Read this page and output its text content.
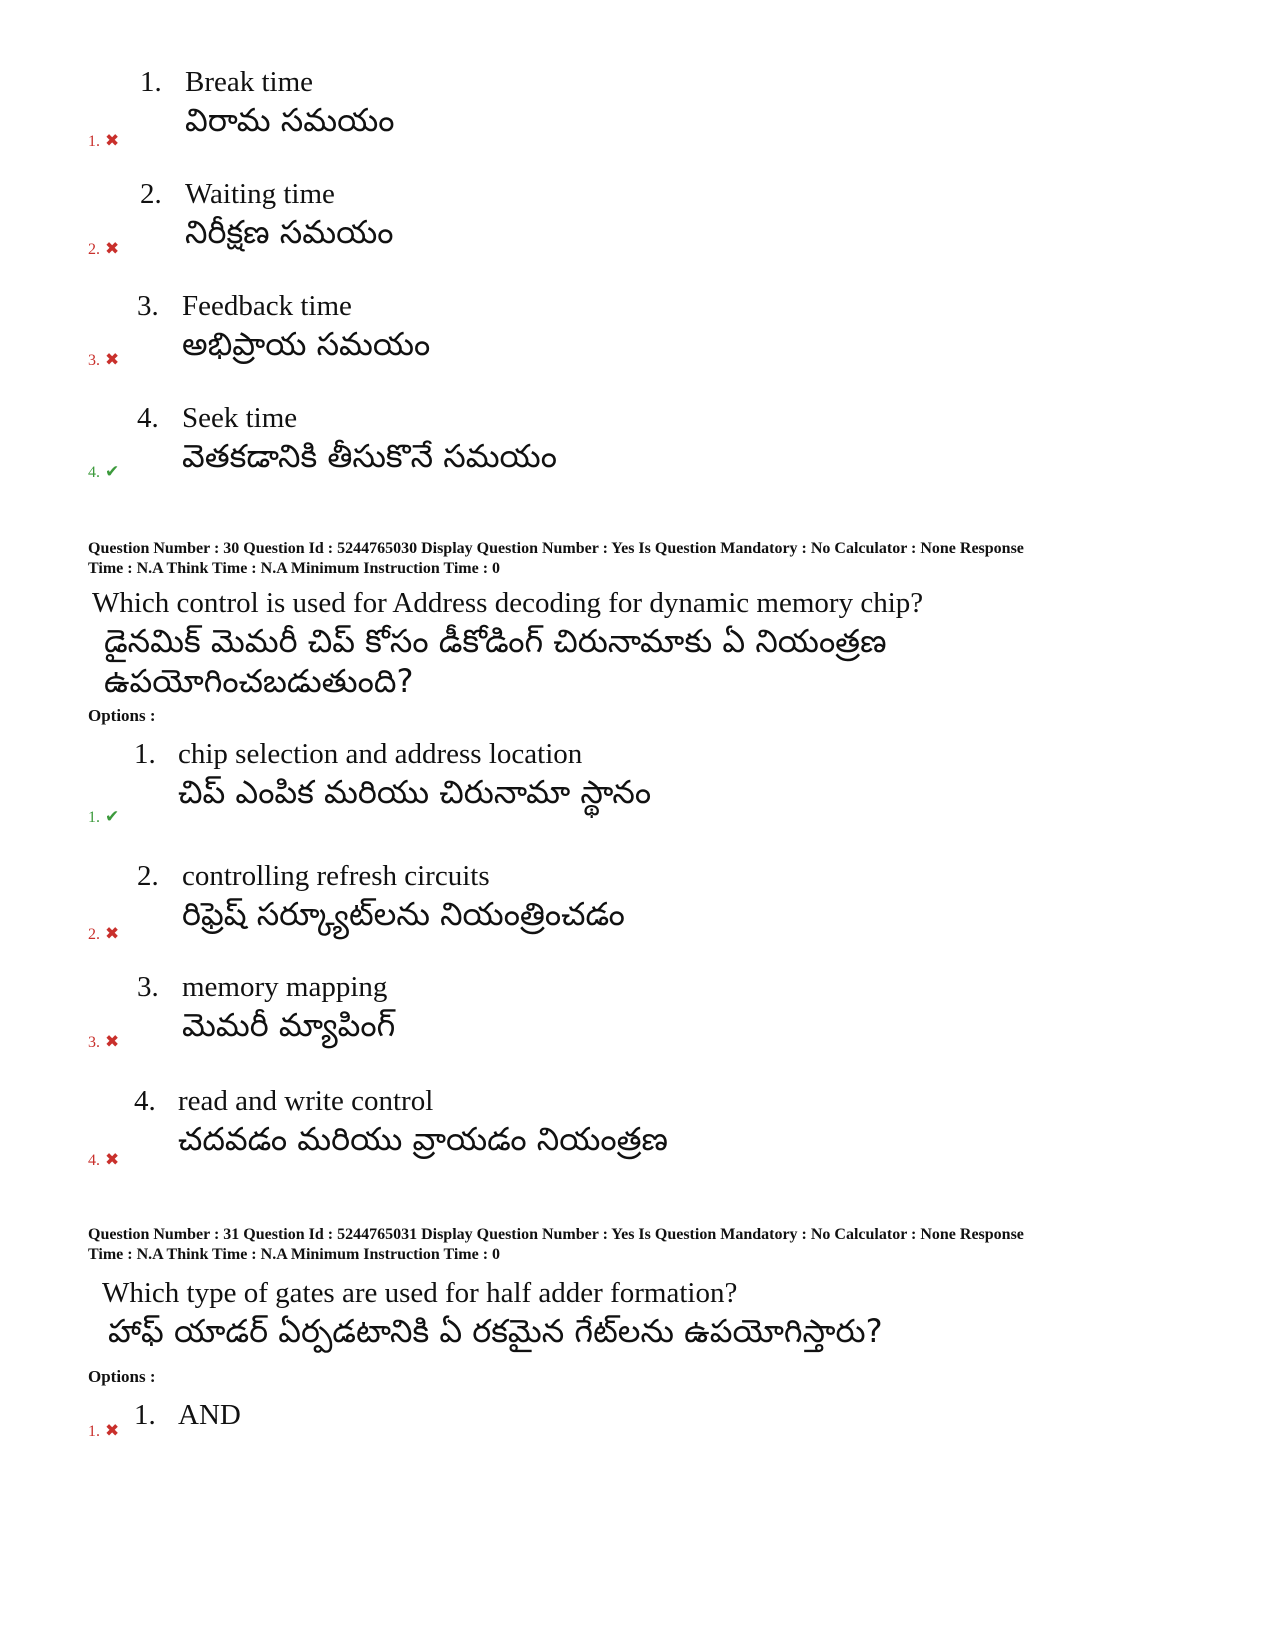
1. Break time
విరామ సమయం
1. ✖
2. Waiting time
నిరీక్షణ సమయం
2. ✖
3. Feedback time
అభిప్రాయ సమయం
3. ✖
4. Seek time
వెతకడానికి తీసుకొనే సమయం
4. ✔
Question Number : 30 Question Id : 5244765030 Display Question Number : Yes Is Question Mandatory : No Calculator : None Response
Time : N.A Think Time : N.A Minimum Instruction Time : 0
Which control is used for Address decoding for dynamic memory chip?
డైనమిక్ మెమరీ చిప్ కోసం డీకోడింగ్ చిరునామాకు ఏ నియంత్రణ
ఉపయోగించబడుతుంది?
Options :
1. chip selection and address location
చిప్ ఎంపిక మరియు చిరునామా స్థానం
1. ✔
2. controlling refresh circuits
రిఫ్రెష్ సర్క్యూట్‌లను నియంత్రించడం
2. ✖
3. memory mapping
మెమరీ మ్యాపింగ్
3. ✖
4. read and write control
చదవడం మరియు వ్రాయడం నియంత్రణ
4. ✖
Question Number : 31 Question Id : 5244765031 Display Question Number : Yes Is Question Mandatory : No Calculator : None Response
Time : N.A Think Time : N.A Minimum Instruction Time : 0
Which type of gates are used for half adder formation?
హాఫ్ యాడర్ ఏర్పడటానికి ఏ రకమైన గేట్‌లను ఉపయోగిస్తారు?
Options :
1. AND
1. ✖
